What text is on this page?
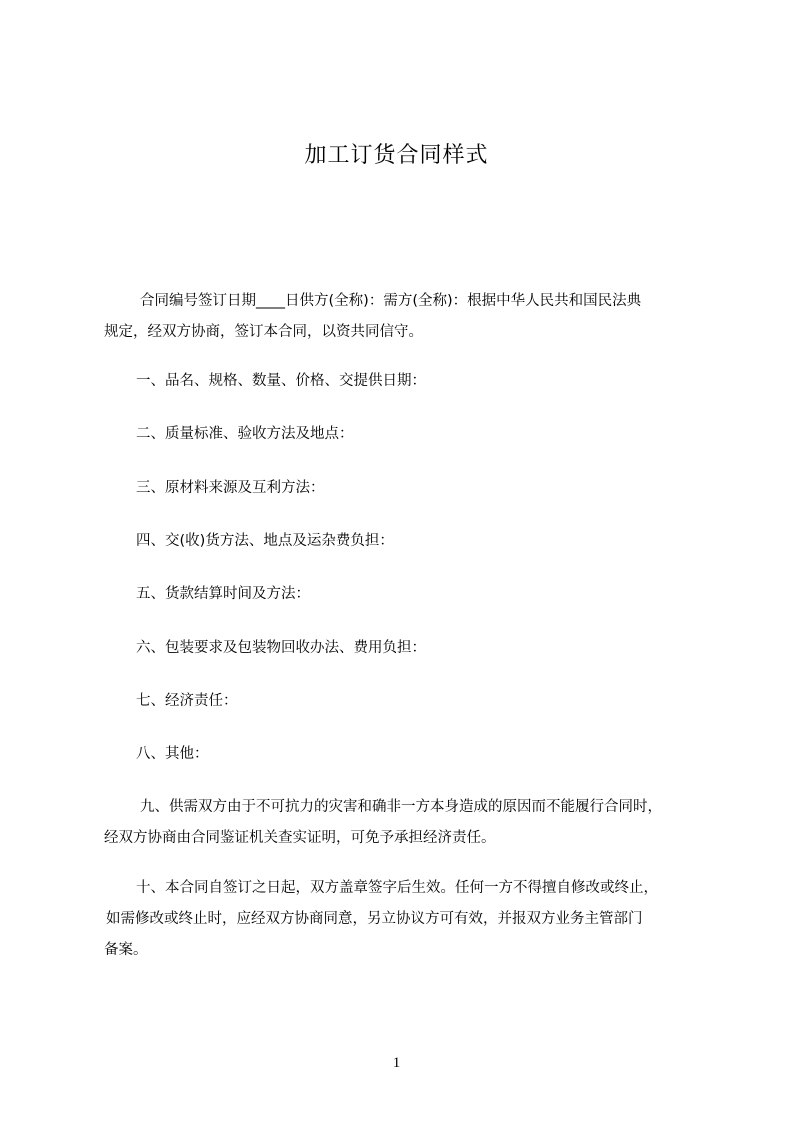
加工订货合同样式
合同编号签订日期____日供方(全称)：需方(全称)：根据中华人民共和国民法典
规定，经双方协商，签订本合同，以资共同信守。
一、品名、规格、数量、价格、交提供日期：
二、质量标准、验收方法及地点：
三、原材料来源及互利方法：
四、交(收)货方法、地点及运杂费负担：
五、货款结算时间及方法：
六、包装要求及包装物回收办法、费用负担：
七、经济责任：
八、其他：
九、供需双方由于不可抗力的灾害和确非一方本身造成的原因而不能履行合同时，
经双方协商由合同鉴证机关查实证明，可免予承担经济责任。
十、本合同自签订之日起，双方盖章签字后生效。任何一方不得擅自修改或终止，
如需修改或终止时，应经双方协商同意，另立协议方可有效，并报双方业务主管部门
备案。
1
